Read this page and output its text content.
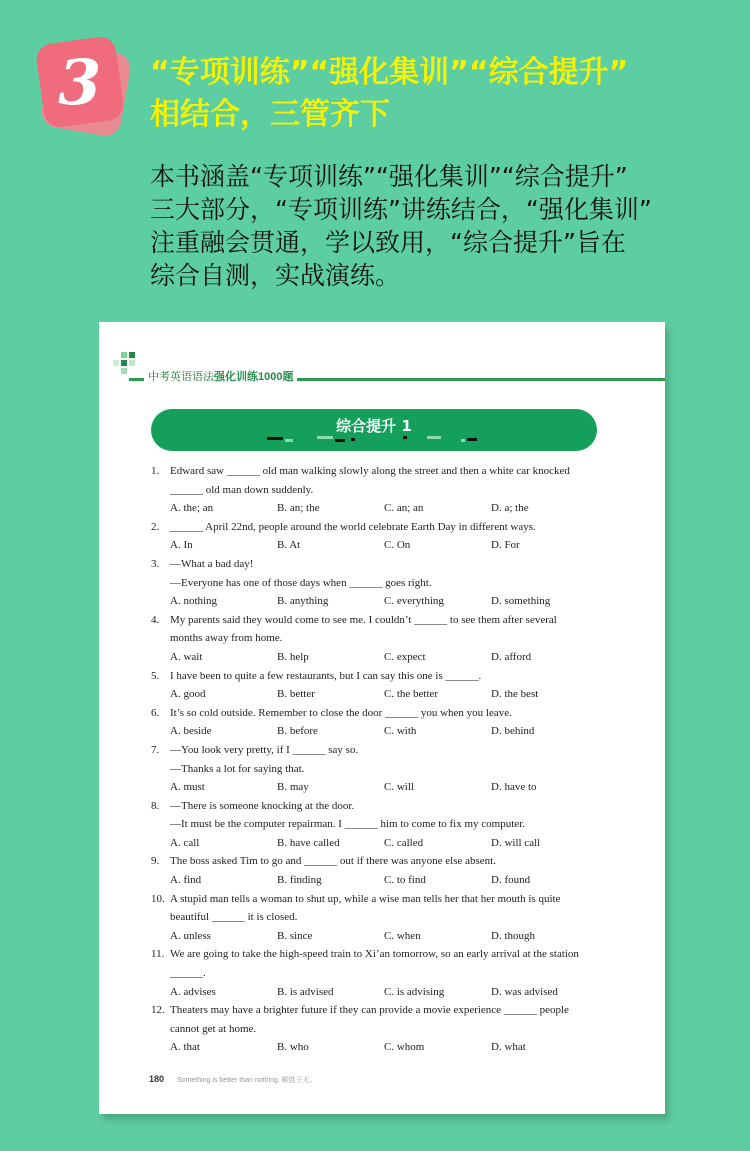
3 “专项训练”“强化集训”“综合提升”
相结合，三管齐下
本书涵盖“专项训练”“强化集训”“综合提升”
三大部分，“专项训练”讲练结合，“强化集训”
注重融会贯通，学以致用，“综合提升”旨在
综合自测，实战演练。
中考英语语法强化训练1000题
综合提升 1
1. Edward saw ______ old man walking slowly along the street and then a white car knocked
______ old man down suddenly.
A. the; an	B. an; the	C. an; an	D. a; the
2. ______ April 22nd, people around the world celebrate Earth Day in different ways.
A. In	B. At	C. On	D. For
3. —What a bad day!
—Everyone has one of those days when ______ goes right.
A. nothing	B. anything	C. everything	D. something
4. My parents said they would come to see me. I couldn’t ______ to see them after several
months away from home.
A. wait	B. help	C. expect	D. afford
5. I have been to quite a few restaurants, but I can say this one is ______.
A. good	B. better	C. the better	D. the best
6. It’s so cold outside. Remember to close the door ______ you when you leave.
A. beside	B. before	C. with	D. behind
7. —You look very pretty, if I ______ say so.
—Thanks a lot for saying that.
A. must	B. may	C. will	D. have to
8. —There is someone knocking at the door.
—It must be the computer repairman. I ______ him to come to fix my computer.
A. call	B. have called	C. called	D. will call
9. The boss asked Tim to go and ______ out if there was anyone else absent.
A. find	B. finding	C. to find	D. found
10. A stupid man tells a woman to shut up, while a wise man tells her that her mouth is quite
beautiful ______ it is closed.
A. unless	B. since	C. when	D. though
11. We are going to take the high-speed train to Xi’an tomorrow, so an early arrival at the station
______.
A. advises	B. is advised	C. is advising	D. was advised
12. Theaters may have a brighter future if they can provide a movie experience ______ people
cannot get at home.
A. that	B. who	C. whom	D. what
180 Something is better than nothing. 聊胜于无。
